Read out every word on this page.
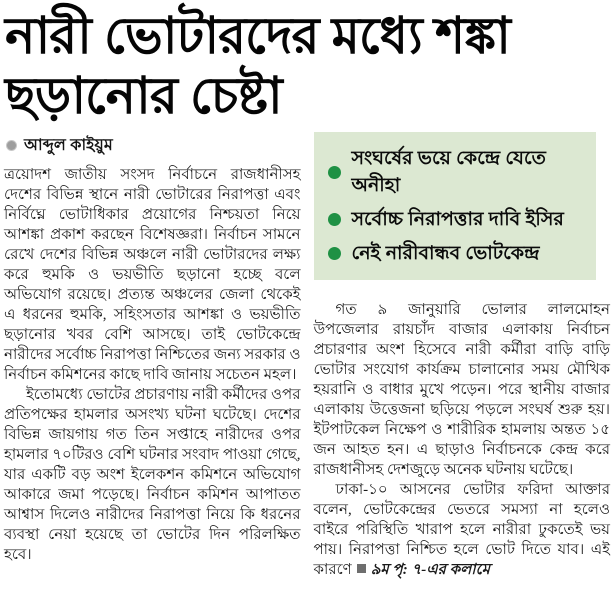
নারী ভোটারদের মধ্যে শঙ্কা ছড়ানোর চেষ্টা
আব্দুল কাইয়ুম

ত্রয়োদশ জাতীয় সংসদ নির্বাচনে রাজধানীসহ দেশের বিভিন্ন স্থানে নারী ভোটারের নিরাপত্তা এবং নির্বিঘ্নে ভোটাধিকার প্রয়োগের নিশ্চয়তা নিয়ে আশঙ্কা প্রকাশ করছেন বিশেষজ্ঞরা। নির্বাচন সামনে রেখে দেশের বিভিন্ন অঞ্চলে নারী ভোটারদের লক্ষ্য করে হুমকি ও ভয়ভীতি ছড়ানো হচ্ছে বলে অভিযোগ রয়েছে। প্রত্যন্ত অঞ্চলের জেলা থেকেই এ ধরনের হুমকি, সহিংসতার আশঙ্কা ও ভয়ভীতি ছড়ানোর খবর বেশি আসছে। তাই ভোটকেন্দ্রে নারীদের সর্বোচ্চ নিরাপত্তা নিশ্চিতের জন্য সরকার ও নির্বাচন কমিশনের কাছে দাবি জানায় সচেতন মহল।

ইতোমধ্যে ভোটের প্রচারণায় নারী কর্মীদের ওপর প্রতিপক্ষের হামলার অসংখ্য ঘটনা ঘটেছে। দেশের বিভিন্ন জায়গায় গত তিন সপ্তাহে নারীদের ওপর হামলার ৭০টিরও বেশি ঘটনার সংবাদ পাওয়া গেছে, যার একটি বড় অংশ ইলেকশন কমিশনে অভিযোগ আকারে জমা পড়েছে। নির্বাচন কমিশন আপাতত আশ্বাস দিলেও নারীদের নিরাপত্তা নিয়ে কি ধরনের ব্যবস্থা নেয়া হয়েছে তা ভোটের দিন পরিলক্ষিত হবে।

সংঘর্ষের ভয়ে কেন্দ্রে যেতে অনীহা
সর্বোচ্চ নিরাপত্তার দাবি ইসির
নেই নারীবান্ধব ভোটকেন্দ্র

গত ৯ জানুয়ারি ভোলার লালমোহন উপজেলার রায়চাঁদ বাজার এলাকায় নির্বাচন প্রচারণার অংশ হিসেবে নারী কর্মীরা বাড়ি বাড়ি ভোটার সংযোগ কার্যক্রম চালানোর সময় মৌখিক হয়রানি ও বাধার মুখে পড়েন। পরে স্থানীয় বাজার এলাকায় উত্তেজনা ছড়িয়ে পড়লে সংঘর্ষ শুরু হয়। ইটপাটকেল নিক্ষেপ ও শারীরিক হামলায় অন্তত ১৫ জন আহত হন। এ ছাড়াও নির্বাচনকে কেন্দ্র করে রাজধানীসহ দেশজুড়ে অনেক ঘটনায় ঘটেছে।

ঢাকা-১০ আসনের ভোটার ফরিদা আক্তার বলেন, ভোটকেন্দ্রের ভেতরে সমস্যা না হলেও বাইরে পরিস্থিতি খারাপ হলে নারীরা ঢুকতেই ভয় পায়। নিরাপত্তা নিশ্চিত হলে ভোট দিতে যাব। এই কারণে ৯ম পৃ: ৭-এর কলামে
